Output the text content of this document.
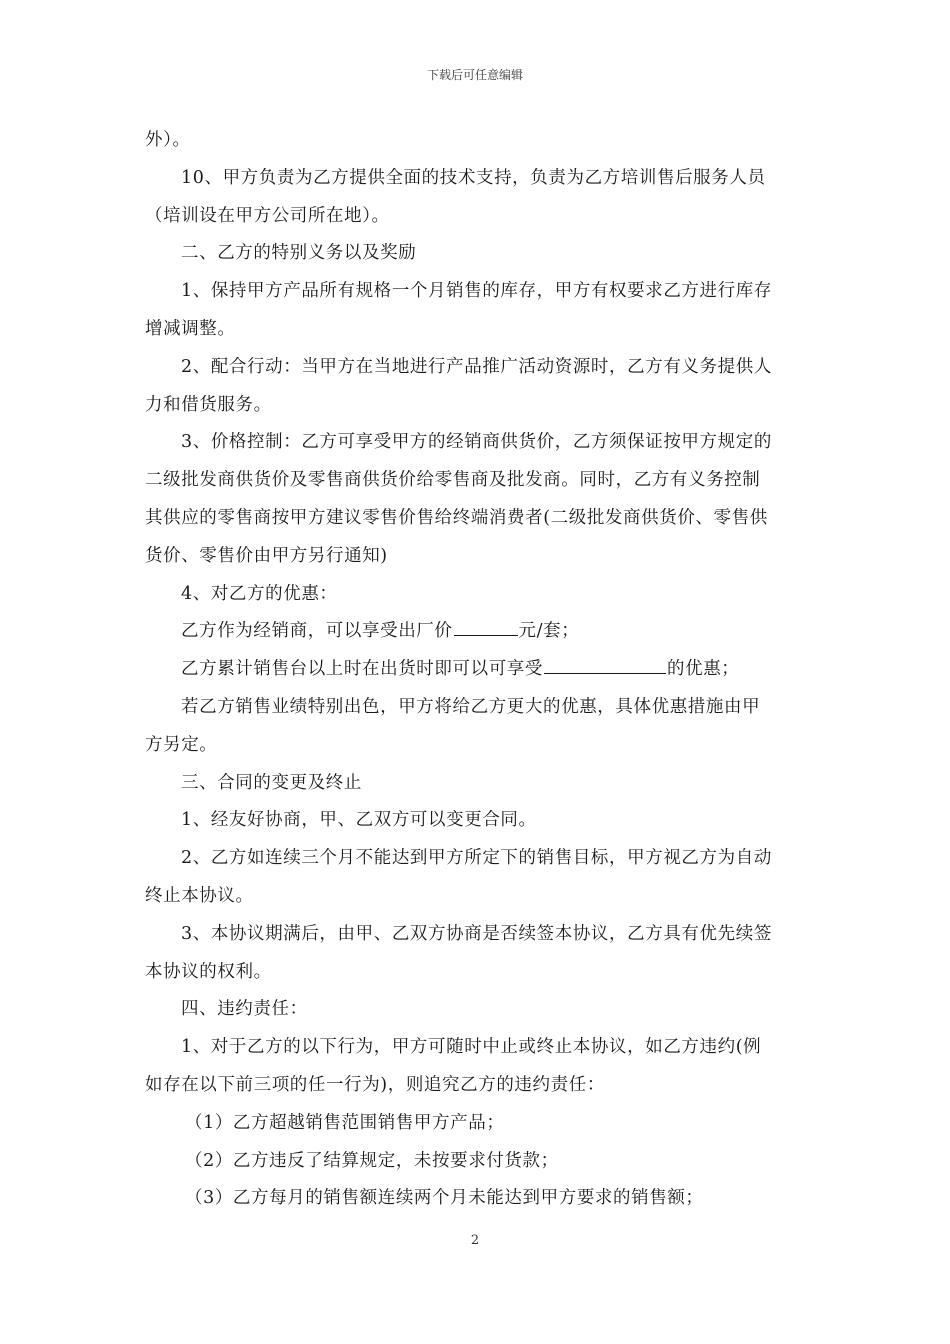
下载后可任意编辑

外）。

10、甲方负责为乙方提供全面的技术支持，负责为乙方培训售后服务人员

（培训设在甲方公司所在地）。

二、乙方的特别义务以及奖励

1、保持甲方产品所有规格一个月销售的库存，甲方有权要求乙方进行库存

增减调整。

2、配合行动：当甲方在当地进行产品推广活动资源时，乙方有义务提供人

力和借货服务。

3、价格控制：乙方可享受甲方的经销商供货价，乙方须保证按甲方规定的

二级批发商供货价及零售商供货价给零售商及批发商。同时，乙方有义务控制

其供应的零售商按甲方建议零售价售给终端消费者(二级批发商供货价、零售供

货价、零售价由甲方另行通知)

4、对乙方的优惠：

乙方作为经销商，可以享受出厂价	元/套；

乙方累计销售台以上时在出货时即可以可享受	的优惠；

若乙方销售业绩特别出色，甲方将给乙方更大的优惠，具体优惠措施由甲

方另定。

三、合同的变更及终止

1、经友好协商，甲、乙双方可以变更合同。

2、乙方如连续三个月不能达到甲方所定下的销售目标，甲方视乙方为自动

终止本协议。

3、本协议期满后，由甲、乙双方协商是否续签本协议，乙方具有优先续签

本协议的权利。

四、违约责任：

1、对于乙方的以下行为，甲方可随时中止或终止本协议，如乙方违约(例

如存在以下前三项的任一行为)，则追究乙方的违约责任：

（1）乙方超越销售范围销售甲方产品；

（2）乙方违反了结算规定，未按要求付货款；

（3）乙方每月的销售额连续两个月未能达到甲方要求的销售额；

2
